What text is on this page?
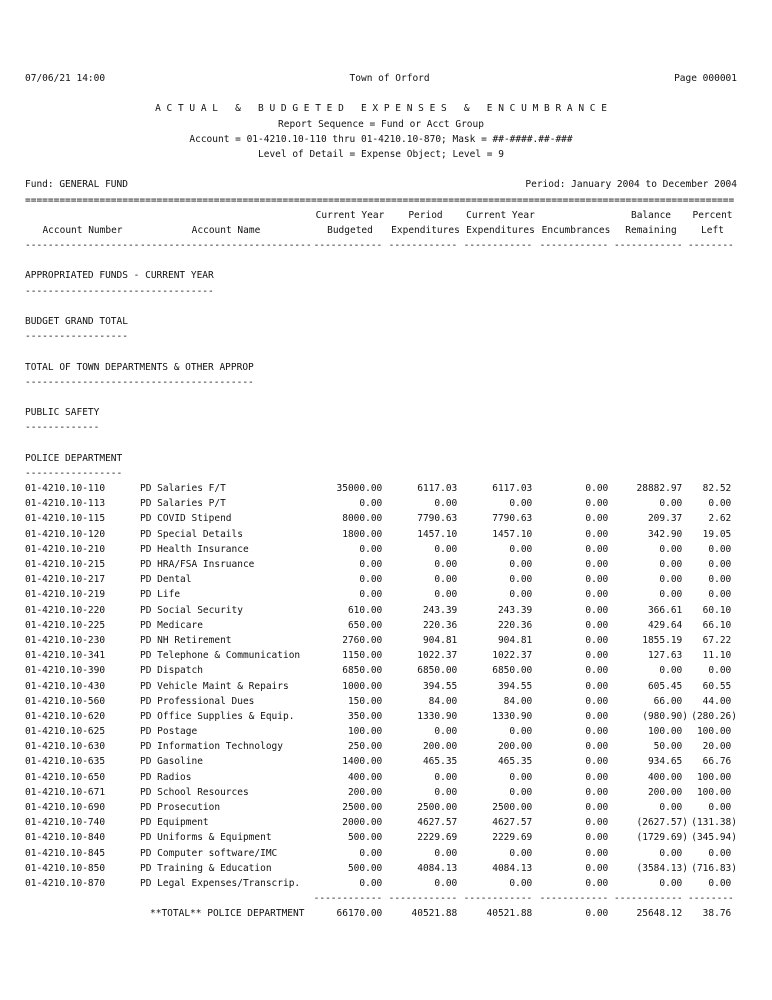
07/06/21 14:00	Town of Orford	Page 000001
A C T U A L   &   B U D G E T E D   E X P E N S E S   &   E N C U M B R A N C E
Report Sequence = Fund or Acct Group
Account = 01-4210.10-110 thru 01-4210.10-870; Mask = ##-####.##-###
Level of Detail = Expense Object; Level = 9
Fund: GENERAL FUND	Period: January 2004 to December 2004
============================================================================================================================
Current Year	Period	Current Year	Balance	Percent
Account Number	Account Name	Budgeted	Expenditures Expenditures Encumbrances	Remaining	Left
-------------------- ------------------------------ ------------ ------------ ------------ ------------ ------------ --------
APPROPRIATED FUNDS - CURRENT YEAR
---------------------------------
BUDGET GRAND TOTAL
------------------
TOTAL OF TOWN DEPARTMENTS & OTHER APPROP
----------------------------------------
PUBLIC SAFETY
-------------
POLICE DEPARTMENT
-----------------
01-4210.10-110	PD Salaries F/T	35000.00	6117.03	6117.03	0.00	28882.97	82.52
01-4210.10-113	PD Salaries P/T	0.00	0.00	0.00	0.00	0.00	0.00
01-4210.10-115	PD COVID Stipend	8000.00	7790.63	7790.63	0.00	209.37	2.62
01-4210.10-120	PD Special Details	1800.00	1457.10	1457.10	0.00	342.90	19.05
01-4210.10-210	PD Health Insurance	0.00	0.00	0.00	0.00	0.00	0.00
01-4210.10-215	PD HRA/FSA Insruance	0.00	0.00	0.00	0.00	0.00	0.00
01-4210.10-217	PD Dental	0.00	0.00	0.00	0.00	0.00	0.00
01-4210.10-219	PD Life	0.00	0.00	0.00	0.00	0.00	0.00
01-4210.10-220	PD Social Security	610.00	243.39	243.39	0.00	366.61	60.10
01-4210.10-225	PD Medicare	650.00	220.36	220.36	0.00	429.64	66.10
01-4210.10-230	PD NH Retirement	2760.00	904.81	904.81	0.00	1855.19	67.22
01-4210.10-341	PD Telephone & Communication	1150.00	1022.37	1022.37	0.00	127.63	11.10
01-4210.10-390	PD Dispatch	6850.00	6850.00	6850.00	0.00	0.00	0.00
01-4210.10-430	PD Vehicle Maint & Repairs	1000.00	394.55	394.55	0.00	605.45	60.55
01-4210.10-560	PD Professional Dues	150.00	84.00	84.00	0.00	66.00	44.00
01-4210.10-620	PD Office Supplies & Equip.	350.00	1330.90	1330.90	0.00	(980.90) (280.26)
01-4210.10-625	PD Postage	100.00	0.00	0.00	0.00	100.00 100.00
01-4210.10-630	PD Information Technology	250.00	200.00	200.00	0.00	50.00	20.00
01-4210.10-635	PD Gasoline	1400.00	465.35	465.35	0.00	934.65	66.76
01-4210.10-650	PD Radios	400.00	0.00	0.00	0.00	400.00 100.00
01-4210.10-671	PD School Resources	200.00	0.00	0.00	0.00	200.00 100.00
01-4210.10-690	PD Prosecution	2500.00	2500.00	2500.00	0.00	0.00	0.00
01-4210.10-740	PD Equipment	2000.00	4627.57	4627.57	0.00	(2627.57) (131.38)
01-4210.10-840	PD Uniforms & Equipment	500.00	2229.69	2229.69	0.00	(1729.69) (345.94)
01-4210.10-845	PD Computer software/IMC	0.00	0.00	0.00	0.00	0.00	0.00
01-4210.10-850	PD Training & Education	500.00	4084.13	4084.13	0.00	(3584.13) (716.83)
01-4210.10-870	PD Legal Expenses/Transcrip.	0.00	0.00	0.00	0.00	0.00	0.00
------------ ------------ ------------ ------------ ------------ --------
**TOTAL** POLICE DEPARTMENT	66170.00	40521.88	40521.88	0.00	25648.12	38.76
